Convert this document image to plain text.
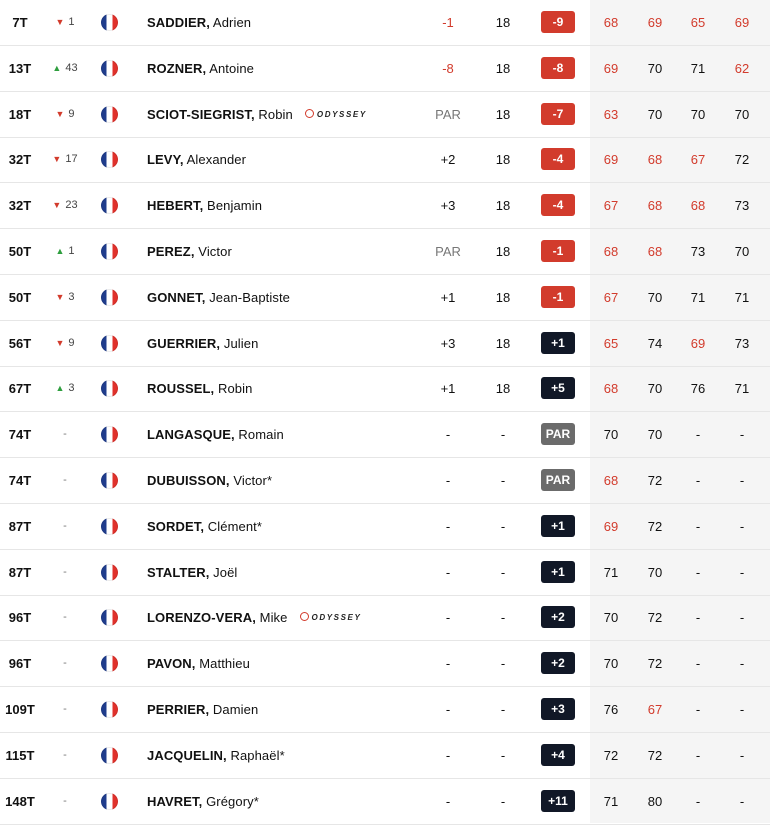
7T	▼ 1	SADDIER, Adrien	-1	18	-9	68	69	65	69
13T	▲ 43	ROZNER, Antoine	-8	18	-8	69	70	71	62
18T	▼ 9	SCIOT-SIEGRIST, Robin	ODYSSEY	PAR	18	-7	63	70	70	70
32T	▼ 17	LEVY, Alexander	+2	18	-4	69	68	67	72
32T	▼ 23	HEBERT, Benjamin	+3	18	-4	67	68	68	73
50T	▲ 1	PEREZ, Victor	PAR	18	-1	68	68	73	70
50T	▼ 3	GONNET, Jean-Baptiste	+1	18	-1	67	70	71	71
56T	▼ 9	GUERRIER, Julien	+3	18	+1	65	74	69	73
67T	▲ 3	ROUSSEL, Robin	+1	18	+5	68	70	76	71
74T	-	LANGASQUE, Romain	-	-	PAR	70	70	-	-
74T	-	DUBUISSON, Victor*	-	-	PAR	68	72	-	-
87T	-	SORDET, Clément*	-	-	+1	69	72	-	-
87T	-	STALTER, Joël	-	-	+1	71	70	-	-
96T	-	LORENZO-VERA, Mike	ODYSSEY	-	-	+2	70	72	-	-
96T	-	PAVON, Matthieu	-	-	+2	70	72	-	-
109T	-	PERRIER, Damien	-	-	+3	76	67	-	-
115T	-	JACQUELIN, Raphaël*	-	-	+4	72	72	-	-
148T	-	HAVRET, Grégory*	-	-	+11	71	80	-	-
